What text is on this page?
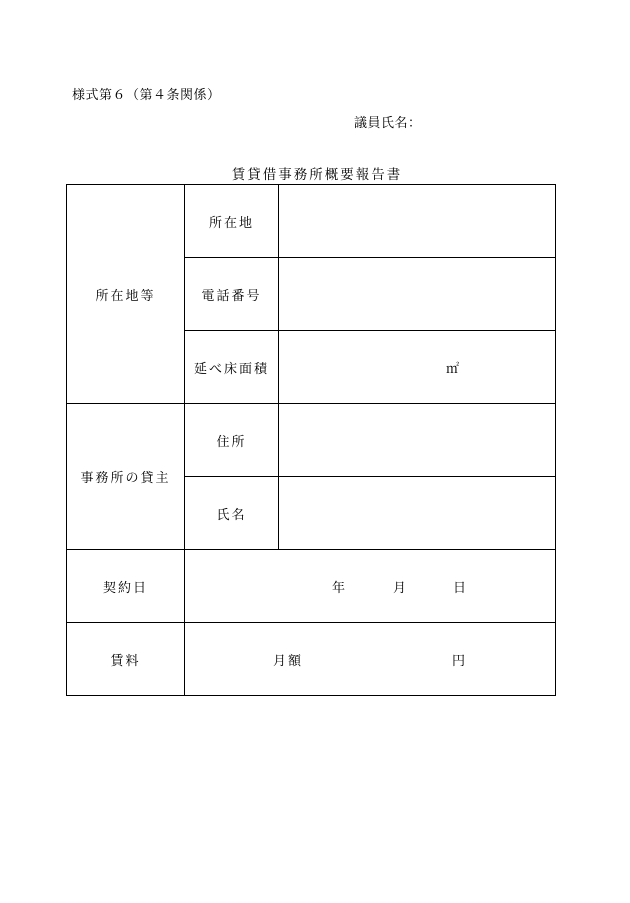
様式第６（第４条関係）
議員氏名：
賃貸借事務所概要報告書
所在地等	所在地	
	電話番号	
	延べ床面積	㎡

事務所の貸主	住所	
	氏名	
契約日	年 月 日	

賃料	月額 円	
